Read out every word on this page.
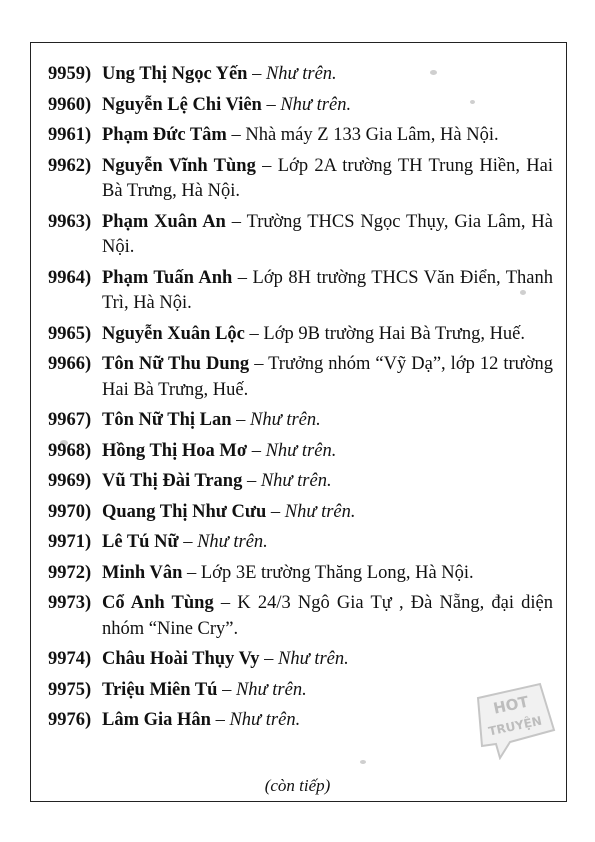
9959) Ung Thị Ngọc Yến – Như trên.
9960) Nguyễn Lệ Chi Viên – Như trên.
9961) Phạm Đức Tâm – Nhà máy Z 133 Gia Lâm, Hà Nội.
9962) Nguyễn Vĩnh Tùng – Lớp 2A trường TH Trung Hiền, Hai Bà Trưng, Hà Nội.
9963) Phạm Xuân An – Trường THCS Ngọc Thụy, Gia Lâm, Hà Nội.
9964) Phạm Tuấn Anh – Lớp 8H trường THCS Văn Điển, Thanh Trì, Hà Nội.
9965) Nguyễn Xuân Lộc – Lớp 9B trường Hai Bà Trưng, Huế.
9966) Tôn Nữ Thu Dung – Trưởng nhóm “Vỹ Dạ”, lớp 12 trường Hai Bà Trưng, Huế.
9967) Tôn Nữ Thị Lan – Như trên.
9968) Hồng Thị Hoa Mơ – Như trên.
9969) Vũ Thị Đài Trang – Như trên.
9970) Quang Thị Như Cưu – Như trên.
9971) Lê Tú Nữ – Như trên.
9972) Minh Vân – Lớp 3E trường Thăng Long, Hà Nội.
9973) Cổ Anh Tùng – K 24/3 Ngô Gia Tự , Đà Nẵng, đại diện nhóm “Nine Cry”.
9974) Châu Hoài Thụy Vy – Như trên.
9975) Triệu Miên Tú – Như trên.
9976) Lâm Gia Hân – Như trên.
(còn tiếp)
HOT
TRUYỆN
